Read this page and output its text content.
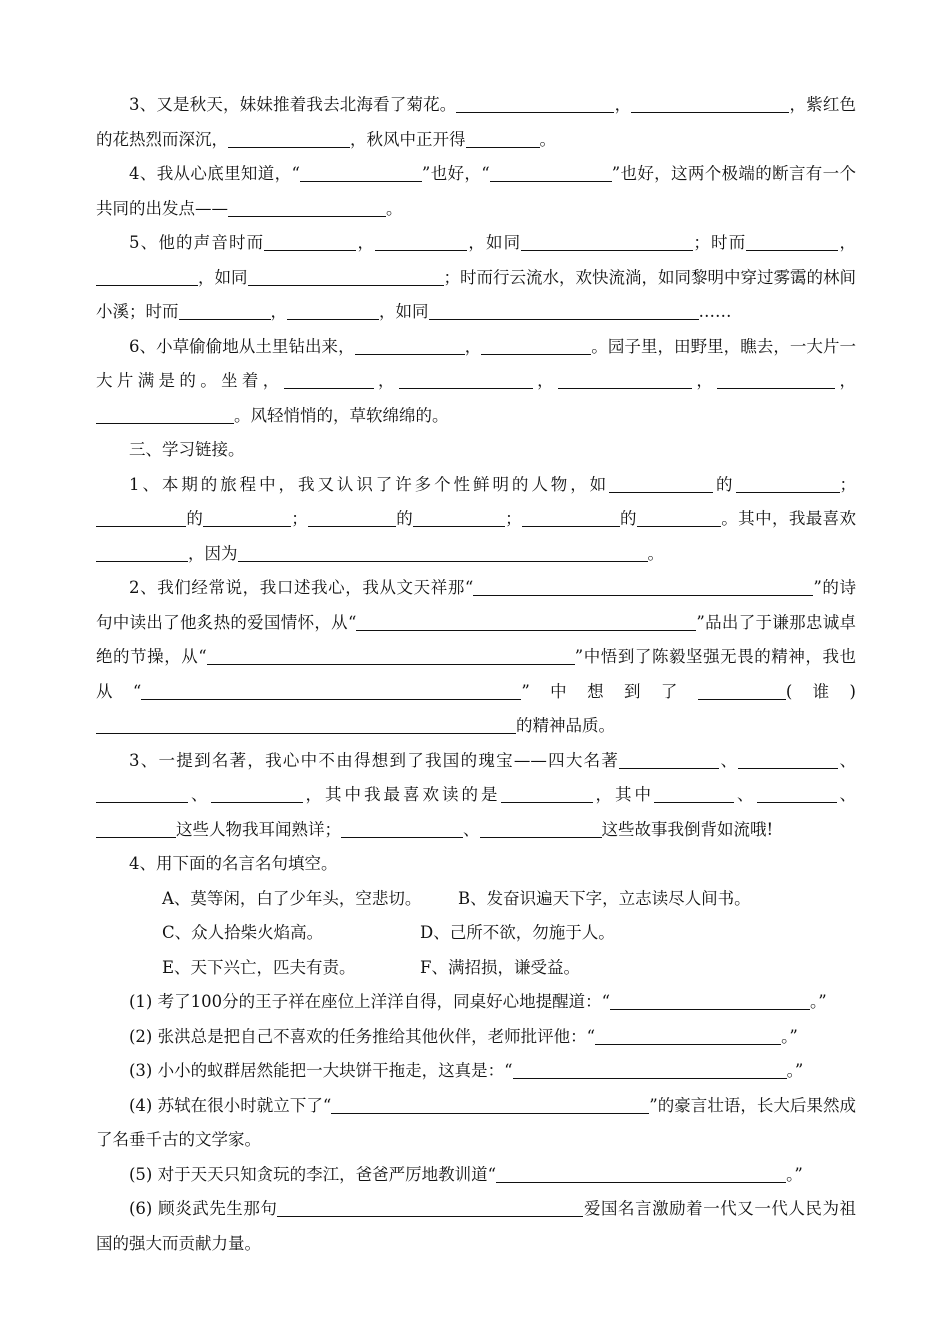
3、又是秋天，妹妹推着我去北海看了菊花。	，	，紫红色的花热烈而深沉，	，秋风中正开得	。

4、我从心底里知道，“	”也好，“	”也好，这两个极端的断言有一个共同的出发点——	。

5、他的声音时而	，	，如同	；时而	，，如同	；时而行云流水，欢快流淌，如同黎明中穿过雾霭的林间小溪；时而	，	，如同	……

6、小草偷偷地从土里钻出来，	，	。园子里，田野里，瞧去，一大片一大片满是的。坐着，	，	，	，	，。风轻悄悄的，草软绵绵的。

三、学习链接。

1、本期的旅程中，我又认识了许多个性鲜明的人物，如	的	；的	；	的	；	的	。其中，我最喜欢，因为	。

2、我们经常说，我口述我心，我从文天祥那“	”的诗句中读出了他炙热的爱国情怀，从“	”品出了于谦那忠诚卓绝的节操，从“	”中悟到了陈毅坚强无畏的精神，我也从“	”中想到了	(谁)的精神品质。

3、一提到名著，我心中不由得想到了我国的瑰宝——四大名著	、	、、	，其中我最喜欢读的是	，其中	、	、这些人物我耳闻熟详；	、	这些故事我倒背如流哦!

4、用下面的名言名句填空。

A、莫等闲，白了少年头，空悲切。 B、发奋识遍天下字，立志读尽人间书。

C、众人拾柴火焰高。	D、己所不欲，勿施于人。

E、天下兴亡，匹夫有责。	F、满招损，谦受益。

(1) 考了100分的王子祥在座位上洋洋自得，同桌好心地提醒道：“	。”

(2) 张洪总是把自己不喜欢的任务推给其他伙伴，老师批评他：“	。”

(3) 小小的蚁群居然能把一大块饼干拖走，这真是：“	。”

(4) 苏轼在很小时就立下了“	”的豪言壮语，长大后果然成了名垂千古的文学家。

(5) 对于天天只知贪玩的李江，爸爸严厉地教训道“	。”

(6) 顾炎武先生那句	爱国名言激励着一代又一代人民为祖国的强大而贡献力量。
